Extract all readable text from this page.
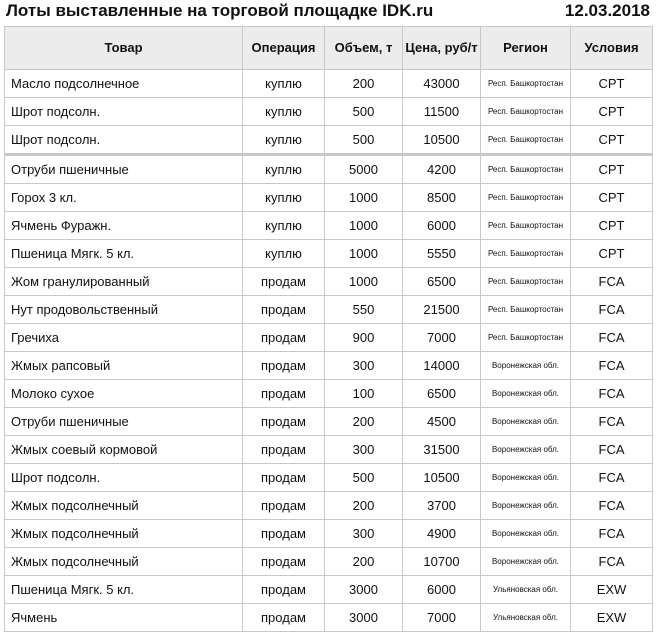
Лоты выставленные на торговой площадке IDK.ru	12.03.2018
Товар	Операция	Объем, т	Цена, руб/т	Регион	Условия
Масло подсолнечное	куплю	200	43000	Респ. Башкортостан	CPT
Шрот подсолн.	куплю	500	11500	Респ. Башкортостан	CPT
Шрот подсолн.	куплю	500	10500	Респ. Башкортостан	CPT
Отруби пшеничные	куплю	5000	4200	Респ. Башкортостан	CPT
Горох 3 кл.	куплю	1000	8500	Респ. Башкортостан	CPT
Ячмень Фуражн.	куплю	1000	6000	Респ. Башкортостан	CPT
Пшеница Мягк. 5 кл.	куплю	1000	5550	Респ. Башкортостан	CPT
Жом гранулированный	продам	1000	6500	Респ. Башкортостан	FCA
Нут продовольственный	продам	550	21500	Респ. Башкортостан	FCA
Гречиха	продам	900	7000	Респ. Башкортостан	FCA
Жмых рапсовый	продам	300	14000	Воронежская обл.	FCA
Молоко сухое	продам	100	6500	Воронежская обл.	FCA
Отруби пшеничные	продам	200	4500	Воронежская обл.	FCA
Жмых соевый кормовой	продам	300	31500	Воронежская обл.	FCA
Шрот подсолн.	продам	500	10500	Воронежская обл.	FCA
Жмых подсолнечный	продам	200	3700	Воронежская обл.	FCA
Жмых подсолнечный	продам	300	4900	Воронежская обл.	FCA
Жмых подсолнечный	продам	200	10700	Воронежская обл.	FCA
Пшеница Мягк. 5 кл.	продам	3000	6000	Ульяновская обл.	EXW
Ячмень	продам	3000	7000	Ульяновская обл.	EXW
